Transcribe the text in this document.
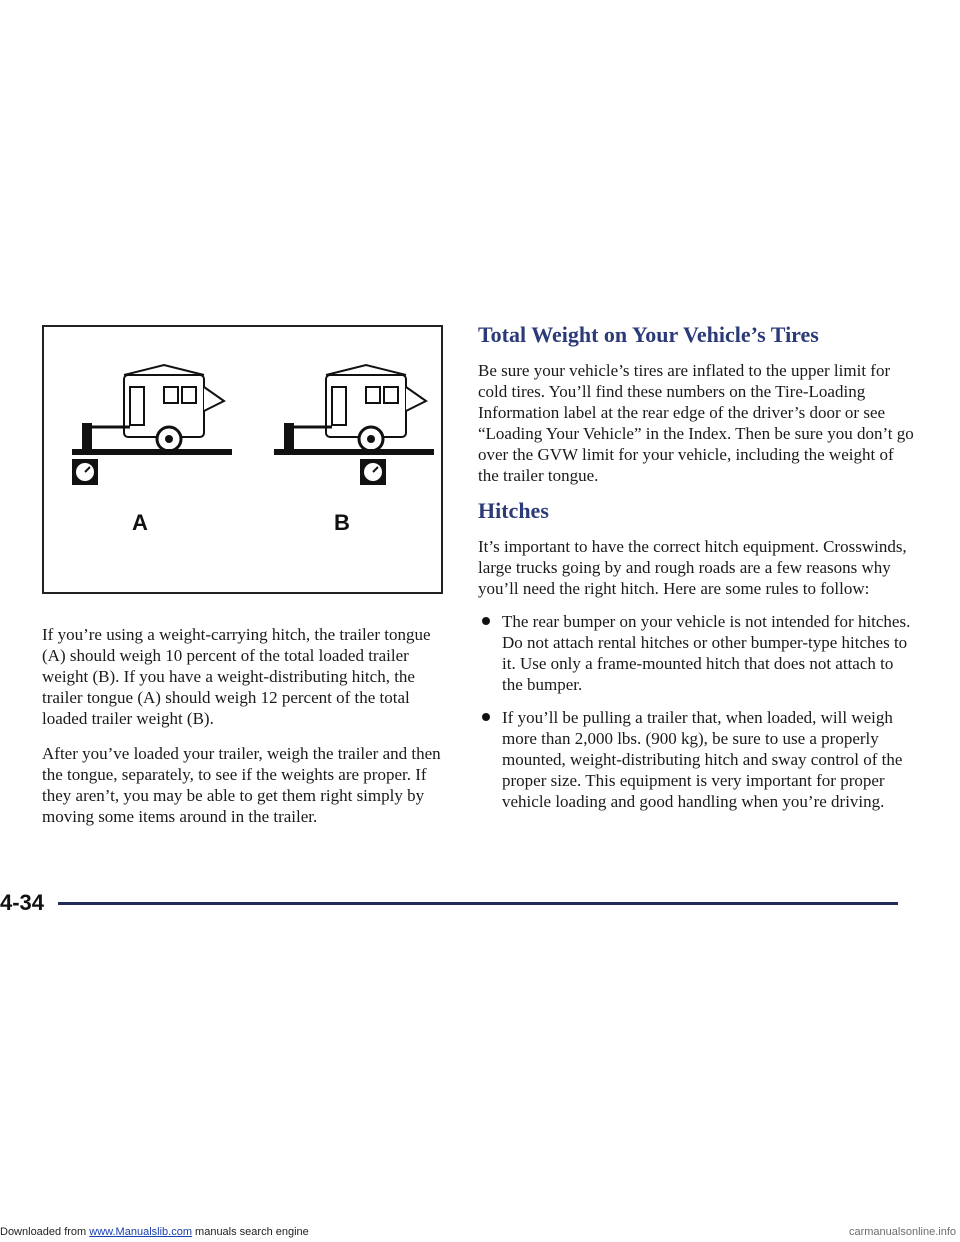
A	B

If you’re using a weight-carrying hitch, the trailer tongue (A) should weigh 10 percent of the total loaded trailer weight (B). If you have a weight-distributing hitch, the trailer tongue (A) should weigh 12 percent of the total loaded trailer weight (B).

After you’ve loaded your trailer, weigh the trailer and then the tongue, separately, to see if the weights are proper. If they aren’t, you may be able to get them right simply by moving some items around in the trailer.

Total Weight on Your Vehicle’s Tires

Be sure your vehicle’s tires are inflated to the upper limit for cold tires. You’ll find these numbers on the Tire-Loading Information label at the rear edge of the driver’s door or see “Loading Your Vehicle” in the Index. Then be sure you don’t go over the GVW limit for your vehicle, including the weight of the trailer tongue.

Hitches

It’s important to have the correct hitch equipment. Crosswinds, large trucks going by and rough roads are a few reasons why you’ll need the right hitch. Here are some rules to follow:

The rear bumper on your vehicle is not intended for hitches. Do not attach rental hitches or other bumper-type hitches to it. Use only a frame-mounted hitch that does not attach to the bumper.
If you’ll be pulling a trailer that, when loaded, will weigh more than 2,000 lbs. (900 kg), be sure to use a properly mounted, weight-distributing hitch and sway control of the proper size. This equipment is very important for proper vehicle loading and good handling when you’re driving.
4-34
Downloaded from www.Manualslib.com manuals search engine	carmanualsonline.info
